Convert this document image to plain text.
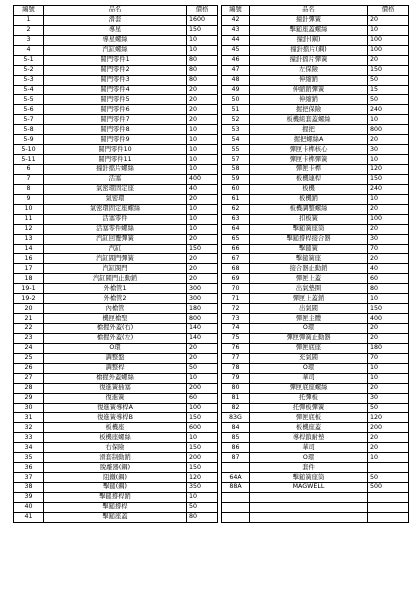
編號	品名	價格
1	滑套	1600
2	導星	150
3	導星螺絲	10
4	汽缸螺絲	10
5-1	閥門零件1	80
5-2	閥門零件2	80
5-3	閥門零件3	80
5-4	閥門零件4	20
5-5	閥門零件5	20
5-6	閥門零件6	20
5-7	閥門零件7	20
5-8	閥門零件8	10
5-9	閥門零件9	10
5-10	閥門零件10	10
5-11	閥門零件11	10
6	撞針擋片螺絲	10
7	活塞	400
8	氣密環固定座	40
9	氣密環	20
10	氣密環固定座螺絲	10
11	活塞零件	10
12	活塞零件螺絲	10
13	汽缸回覆彈簧	20
14	汽缸	150
16	汽缸閥門彈簧	20
17	汽缸閥門	20
18	汽缸閥門止動銷	20
19-1	外槍管1	300
19-2	外槍管2	300
20	內槍管	180
21	機匣槍聖	800
22	槍握外蓋(右)	140
23	槍握外蓋(左)	140
24	O環	20
25	調整盤	20
26	調整桿	50
27	槍握外蓋螺絲	10
28	復進簧插塞	200
29	復進簧	60
30	復進簧導桿A	100
31	復進簧導桿B	150
32	板機座	600
33	板機座螺絲	10
34	右保險	150
35	滑套制動銷	200
36	脫離器(鋼)	150
37	阻鐵(鋼)	120
38	擊鎚(鋼)	350
39	擊鎚撐桿銷	10
40	擊鎚撐桿	50
41	擊鎚座蓋	80
編號	品名	價格
42	撞針彈簧	20
43	擊鎚座蓋螺絲	10
44	撞針(鋼)	100
45	撞針擋片(鋼)	100
46	撞針擋片彈簧	20
47	左保險	150
48	伸縮銷	50
49	伸縮銷彈簧	15
50	伸縮銷	50
51	握把保險	240
52	板機組套蓋螺絲	10
53	握把	800
54	握把螺絲A	20
55	彈匣卡榫核心	30
57	彈匣卡榫彈簧	10
58	彈匣卡榫	120
59	板機連桿	150
60	板機	240
61	板機銷	10
62	板機調整螺絲	20
63	扣板簧	100
64	擊鎚簧座筒	20
65	擊鎚撐桿接合器	30
66	擊鎚簧	70
67	擊鎚簧座	20
68	接合器止動銷	40
69	彈匣上蓋	60
70	出氣墊圈	80
71	彈匣上蓋銷	10
72	出氣閥	150
73	彈匣主體	400
74	O環	20
75	彈匣彈簧止動器	20
76	彈匣底座	180
77	充氣閥	70
78	O環	10
79	華司	10
80	彈匣底座螺絲	20
81	托彈板	30
82	托彈板彈簧	50
83G	彈匣底板	120
84	板機座蓋	200
85	導桿鎖耐墊	20
86	華司	20
87	O環	10
	套件	
64A	擊鎚簧座筒	50
88A	MAGWELL	500
